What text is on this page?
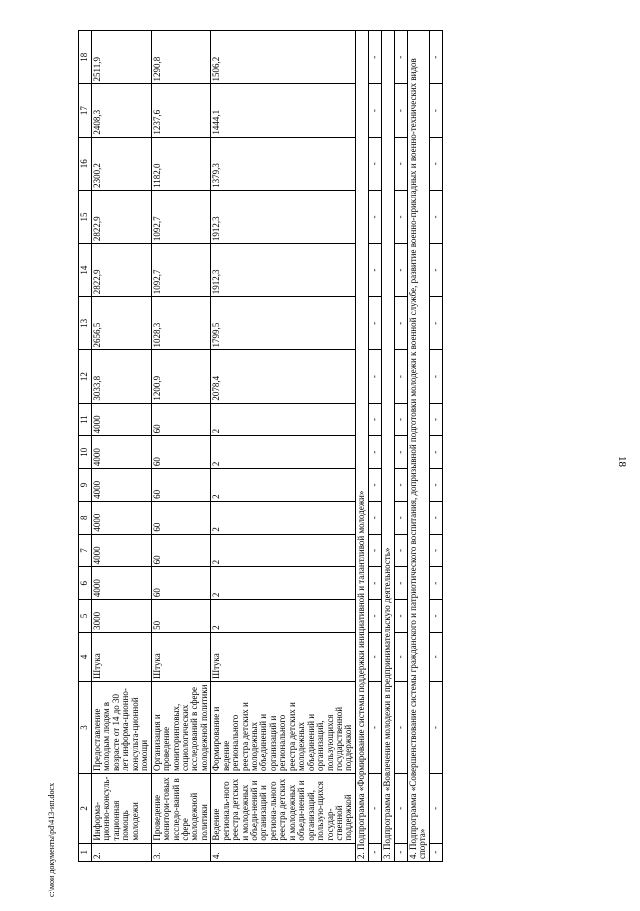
18
1	2	3	4	5	6	7	8	9	10	11	12	13	14	15	16	17	18
2.	Информа-ционно-консуль-тационная помощь молодежи	Предоставление молодым людям в возрасте от 14 до 30 лет информа-ционно-консульта-ционной помощи	Штука	3000	4000	4000	4000	4000	4000	4000	3033,8	2656,5	2822,9	2822,9	2300,2	2408,3	2511,9
3.	Проведение монитори-говых исследо-ваний в сфере молодежной политики	Организация и проведение мониторинговых, социологических исследований в сфере молодежной политики	Штука	50	60	60	60	60	60	60	1200,9	1028,3	1092,7	1092,7	1182,0	1237,6	1290,8
4.	Ведение региональ-ного реестра детских и молодежных объеди-нений и организаций и региона-льного реестра детских и молодежных объеди-нений и организаций, пользую-щихся государ-ственной поддержкой	Формирование и ведение регионального реестра детских и молодежных объединений и организаций и регионального реестра детских и молодежных объединений и организаций, пользующихся государственной поддержкой	Штука	2	2	2	2	2	2	2	2078,4	1799,5	1912,3	1912,3	1379,3	1444,1	1506,2
2. Подпрограмма «Формирование системы поддержки инициативной и талантливой молодежи»																	
-	-	-	-	-	-	-	-	-	-	-	-	-	-	-	-	-	-
3. Подпрограмма «Вовлечение молодежи в предпринимательскую деятельность»																	
-	-	-	-	-	-	-	-	-	-	-	-	-	-	-	-	-	-
4. Подпрограмма «Совершенствование системы гражданского и патриотического воспитания, допризывной подготовки молодежи к военной службе, развитие военно-прикладных и военно-технических видов спорта»																	
-	-	-	-	-	-	-	-	-	-	-	-	-	-	-	-	-	-
c:\мои документы\pd\413-ип.docx
